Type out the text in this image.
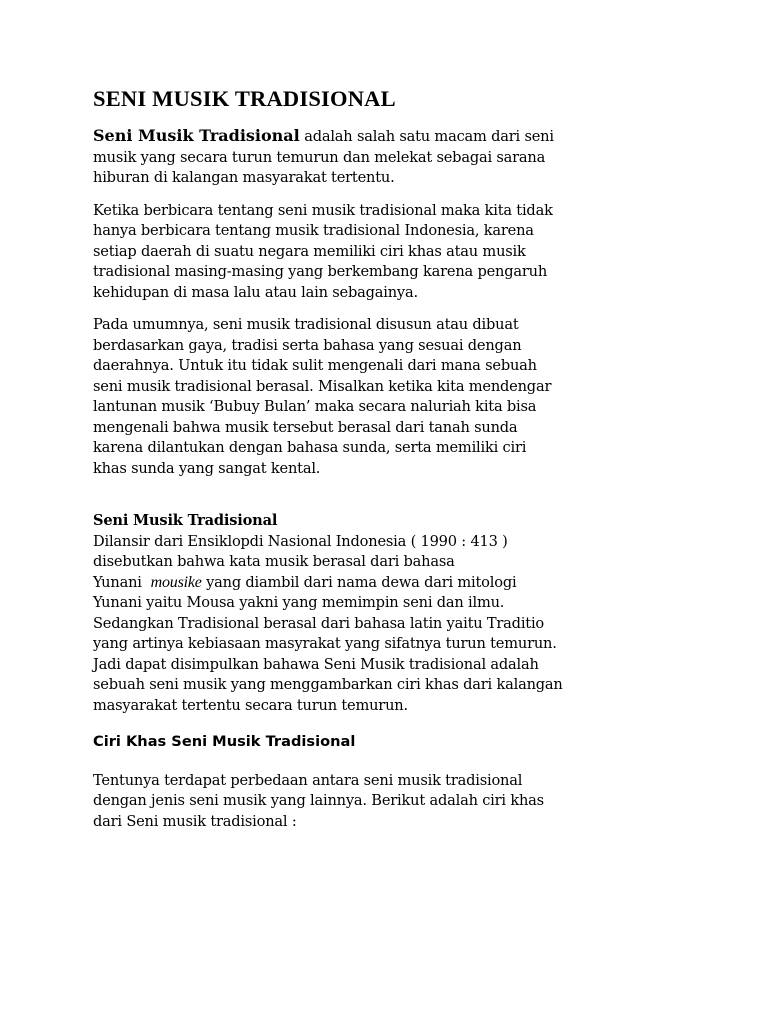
SENI MUSIK TRADISIONAL

Seni Musik Tradisional adalah salah satu macam dari seni
musik yang secara turun temurun dan melekat sebagai sarana
hiburan di kalangan masyarakat tertentu.

Ketika berbicara tentang seni musik tradisional maka kita tidak
hanya berbicara tentang musik tradisional Indonesia, karena
setiap daerah di suatu negara memiliki ciri khas atau musik
tradisional masing-masing yang berkembang karena pengaruh
kehidupan di masa lalu atau lain sebagainya.

Pada umumnya, seni musik tradisional disusun atau dibuat
berdasarkan gaya, tradisi serta bahasa yang sesuai dengan
daerahnya. Untuk itu tidak sulit mengenali dari mana sebuah
seni musik tradisional berasal. Misalkan ketika kita mendengar
lantunan musik ‘Bubuy Bulan’ maka secara naluriah kita bisa
mengenali bahwa musik tersebut berasal dari tanah sunda
karena dilantukan dengan bahasa sunda, serta memiliki ciri
khas sunda yang sangat kental.

Seni Musik Tradisional

Dilansir dari Ensiklopdi Nasional Indonesia ( 1990 : 413 )
disebutkan bahwa kata musik berasal dari bahasa
Yunani  mousike yang diambil dari nama dewa dari mitologi
Yunani yaitu Mousa yakni yang memimpin seni dan ilmu.
Sedangkan Tradisional berasal dari bahasa latin yaitu Traditio
yang artinya kebiasaan masyrakat yang sifatnya turun temurun.
Jadi dapat disimpulkan bahawa Seni Musik tradisional adalah
sebuah seni musik yang menggambarkan ciri khas dari kalangan
masyarakat tertentu secara turun temurun.

Ciri Khas Seni Musik Tradisional

Tentunya terdapat perbedaan antara seni musik tradisional
dengan jenis seni musik yang lainnya. Berikut adalah ciri khas
dari Seni musik tradisional :
